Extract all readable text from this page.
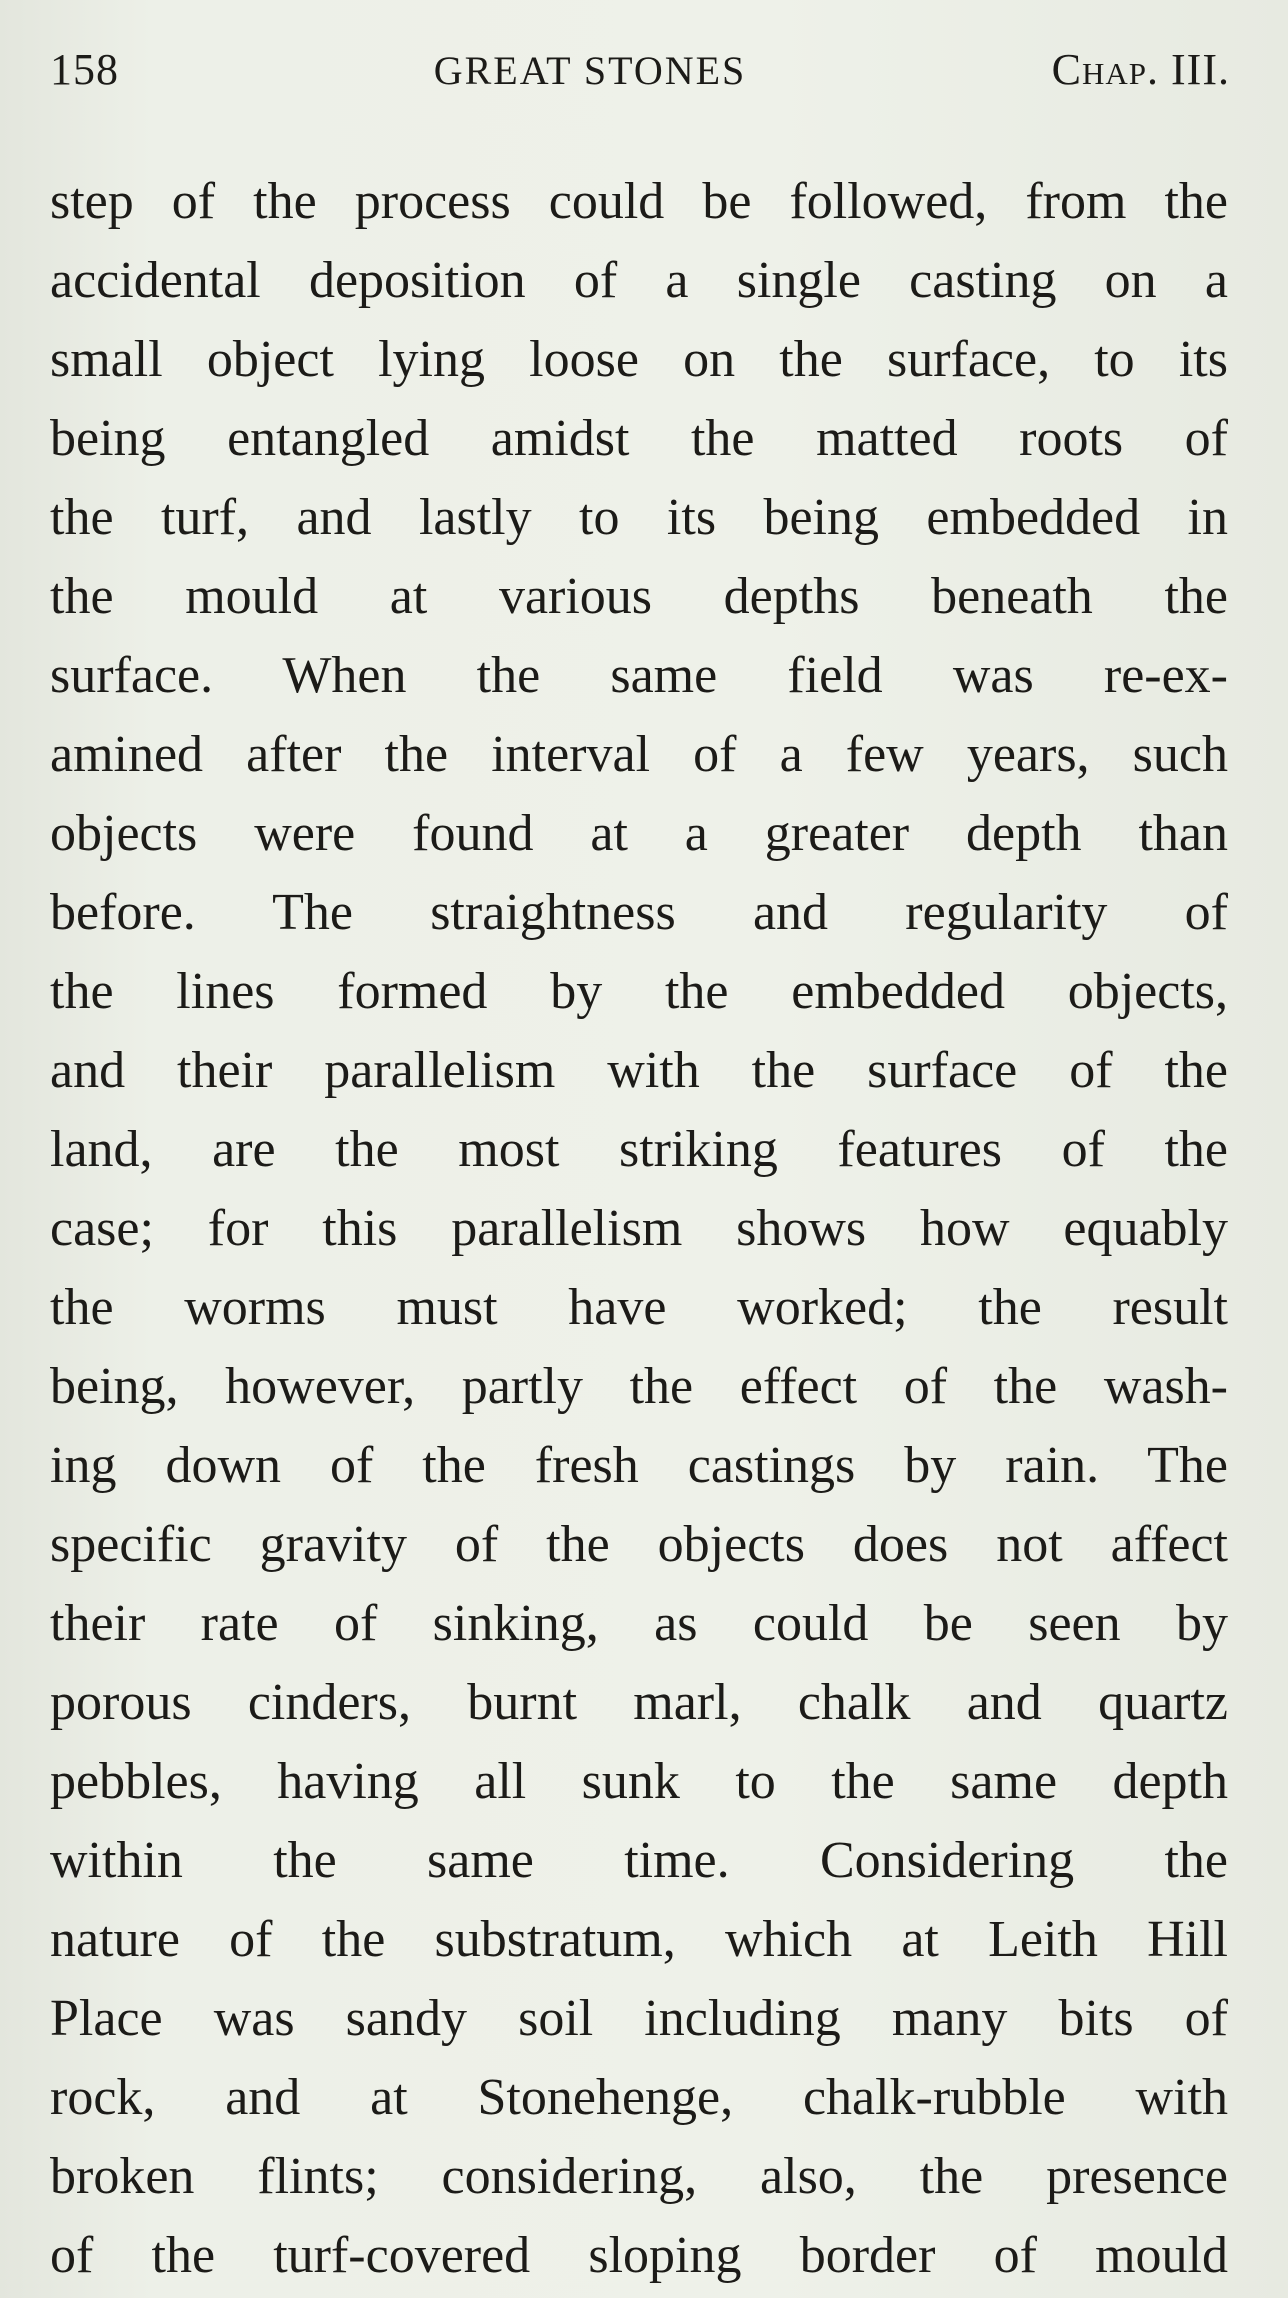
158	GREAT STONES	Chap. III.
step of the process could be followed, from the
accidental deposition of a single casting on a
small object lying loose on the surface, to its
being entangled amidst the matted roots of
the turf, and lastly to its being embedded in
the mould at various depths beneath the
surface. When the same field was re-ex-
amined after the interval of a few years, such
objects were found at a greater depth than
before. The straightness and regularity of
the lines formed by the embedded objects,
and their parallelism with the surface of the
land, are the most striking features of the
case; for this parallelism shows how equably
the worms must have worked; the result
being, however, partly the effect of the wash-
ing down of the fresh castings by rain. The
specific gravity of the objects does not affect
their rate of sinking, as could be seen by
porous cinders, burnt marl, chalk and quartz
pebbles, having all sunk to the same depth
within the same time. Considering the
nature of the substratum, which at Leith Hill
Place was sandy soil including many bits of
rock, and at Stonehenge, chalk-rubble with
broken flints; considering, also, the presence
of the turf-covered sloping border of mould
